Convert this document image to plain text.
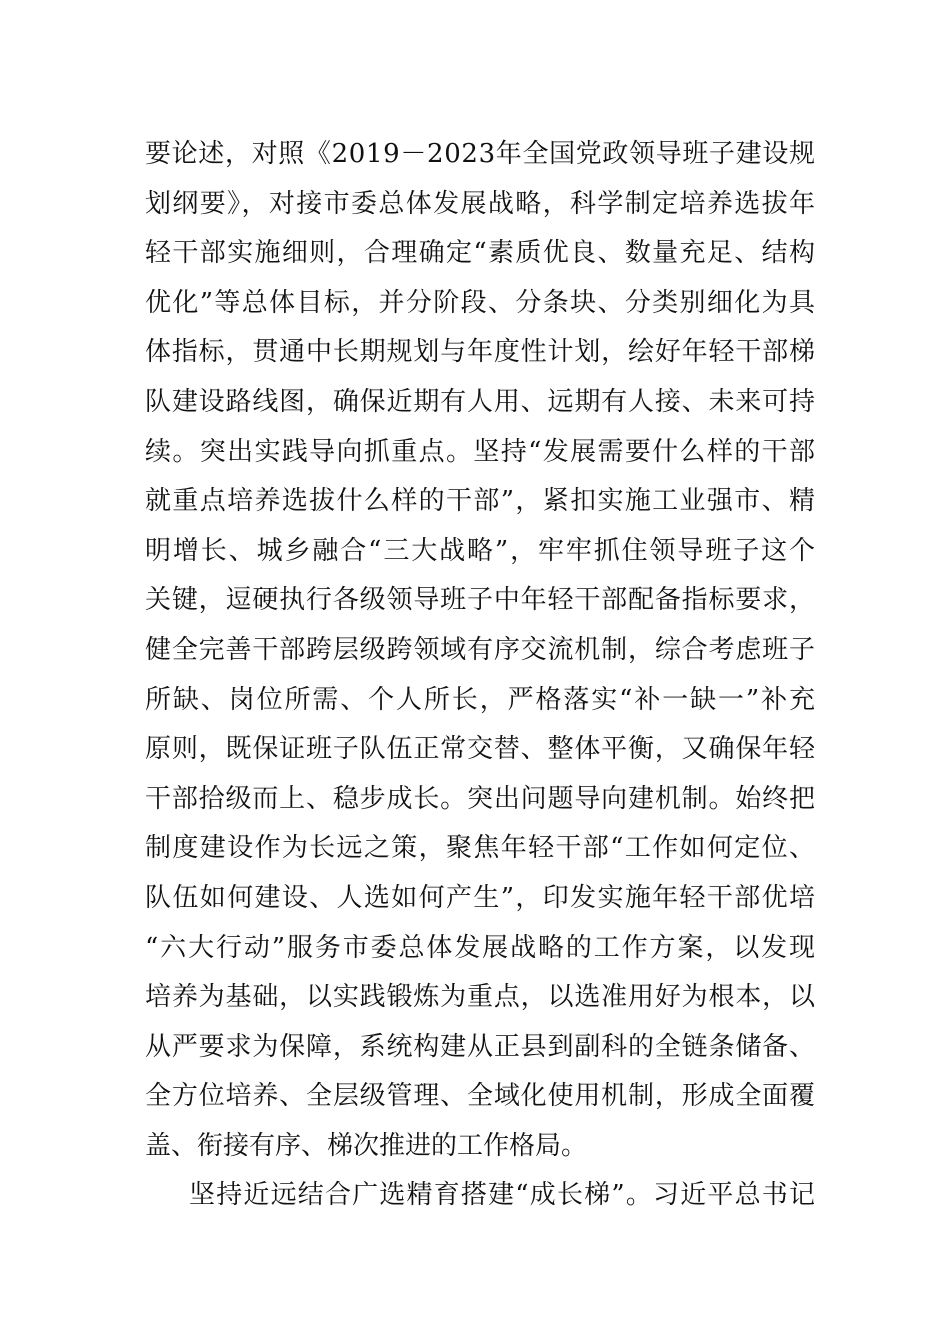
要论述，对照《2019－2023年全国党政领导班子建设规
划纲要》，对接市委总体发展战略，科学制定培养选拔年
轻干部实施细则，合理确定“素质优良、数量充足、结构
优化”等总体目标，并分阶段、分条块、分类别细化为具
体指标，贯通中长期规划与年度性计划，绘好年轻干部梯
队建设路线图，确保近期有人用、远期有人接、未来可持
续。突出实践导向抓重点。坚持“发展需要什么样的干部
就重点培养选拔什么样的干部”，紧扣实施工业强市、精
明增长、城乡融合“三大战略”，牢牢抓住领导班子这个
关键，逗硬执行各级领导班子中年轻干部配备指标要求，
健全完善干部跨层级跨领域有序交流机制，综合考虑班子
所缺、岗位所需、个人所长，严格落实“补一缺一”补充
原则，既保证班子队伍正常交替、整体平衡，又确保年轻
干部拾级而上、稳步成长。突出问题导向建机制。始终把
制度建设作为长远之策，聚焦年轻干部“工作如何定位、
队伍如何建设、人选如何产生”，印发实施年轻干部优培
“六大行动”服务市委总体发展战略的工作方案，以发现
培养为基础，以实践锻炼为重点，以选准用好为根本，以
从严要求为保障，系统构建从正县到副科的全链条储备、
全方位培养、全层级管理、全域化使用机制，形成全面覆
盖、衔接有序、梯次推进的工作格局。
坚持近远结合广选精育搭建“成长梯”。习近平总书记
